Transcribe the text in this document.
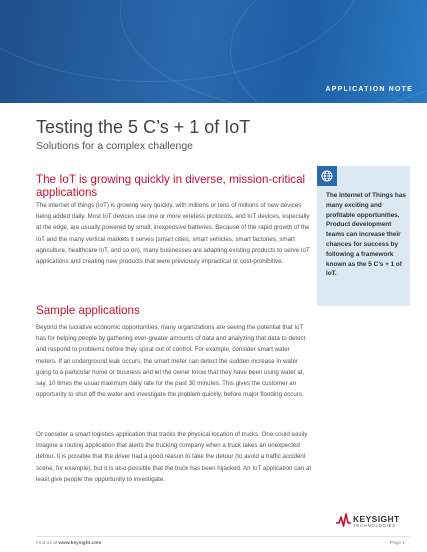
APPLICATION NOTE
Testing the 5 C’s + 1 of IoT
Solutions for a complex challenge
The IoT is growing quickly in diverse, mission-critical applications

The internet of things (IoT) is growing very quickly, with millions or tens of millions of new devices being added daily. Most IoT devices use one or more wireless protocols, and IoT devices, especially at the edge, are usually powered by small, inexpensive batteries. Because of the rapid growth of the IoT and the many vertical markets it serves (smart cities, smart vehicles, smart factories, smart agriculture, healthcare IoT, and so on), many businesses are adapting existing products to serve IoT applications and creating new products that were previously impractical or cost-prohibitive.

The Internet of Things has many exciting and profitable opportunities. Product development teams can increase their chances for success by following a framework known as the 5 C’s + 1 of IoT.

Sample applications

Beyond the lucrative economic opportunities, many organizations are seeing the potential that IoT has for helping people by gathering ever-greater amounts of data and analyzing that data to detect and respond to problems before they spiral out of control. For example, consider smart water meters. If an underground leak occurs, the smart meter can detect the sudden increase in water going to a particular home or business and let the owner know that they have been using water at, say, 10 times the usual maximum daily rate for the past 30 minutes. This gives the customer an opportunity to shut off the water and investigate the problem quickly, before major flooding occurs.

Or consider a smart logistics application that tracks the physical location of trucks. One could easily imagine a routing application that alerts the trucking company when a truck takes an unexpected detour. It is possible that the driver had a good reason to take the detour (to avoid a traffic accident scene, for example), but it is also possible that the truck has been hijacked. An IoT application can at least give people the opportunity to investigate.

KEYSIGHT
TECHNOLOGIES
Find us at www.keysight.com	Page 1
